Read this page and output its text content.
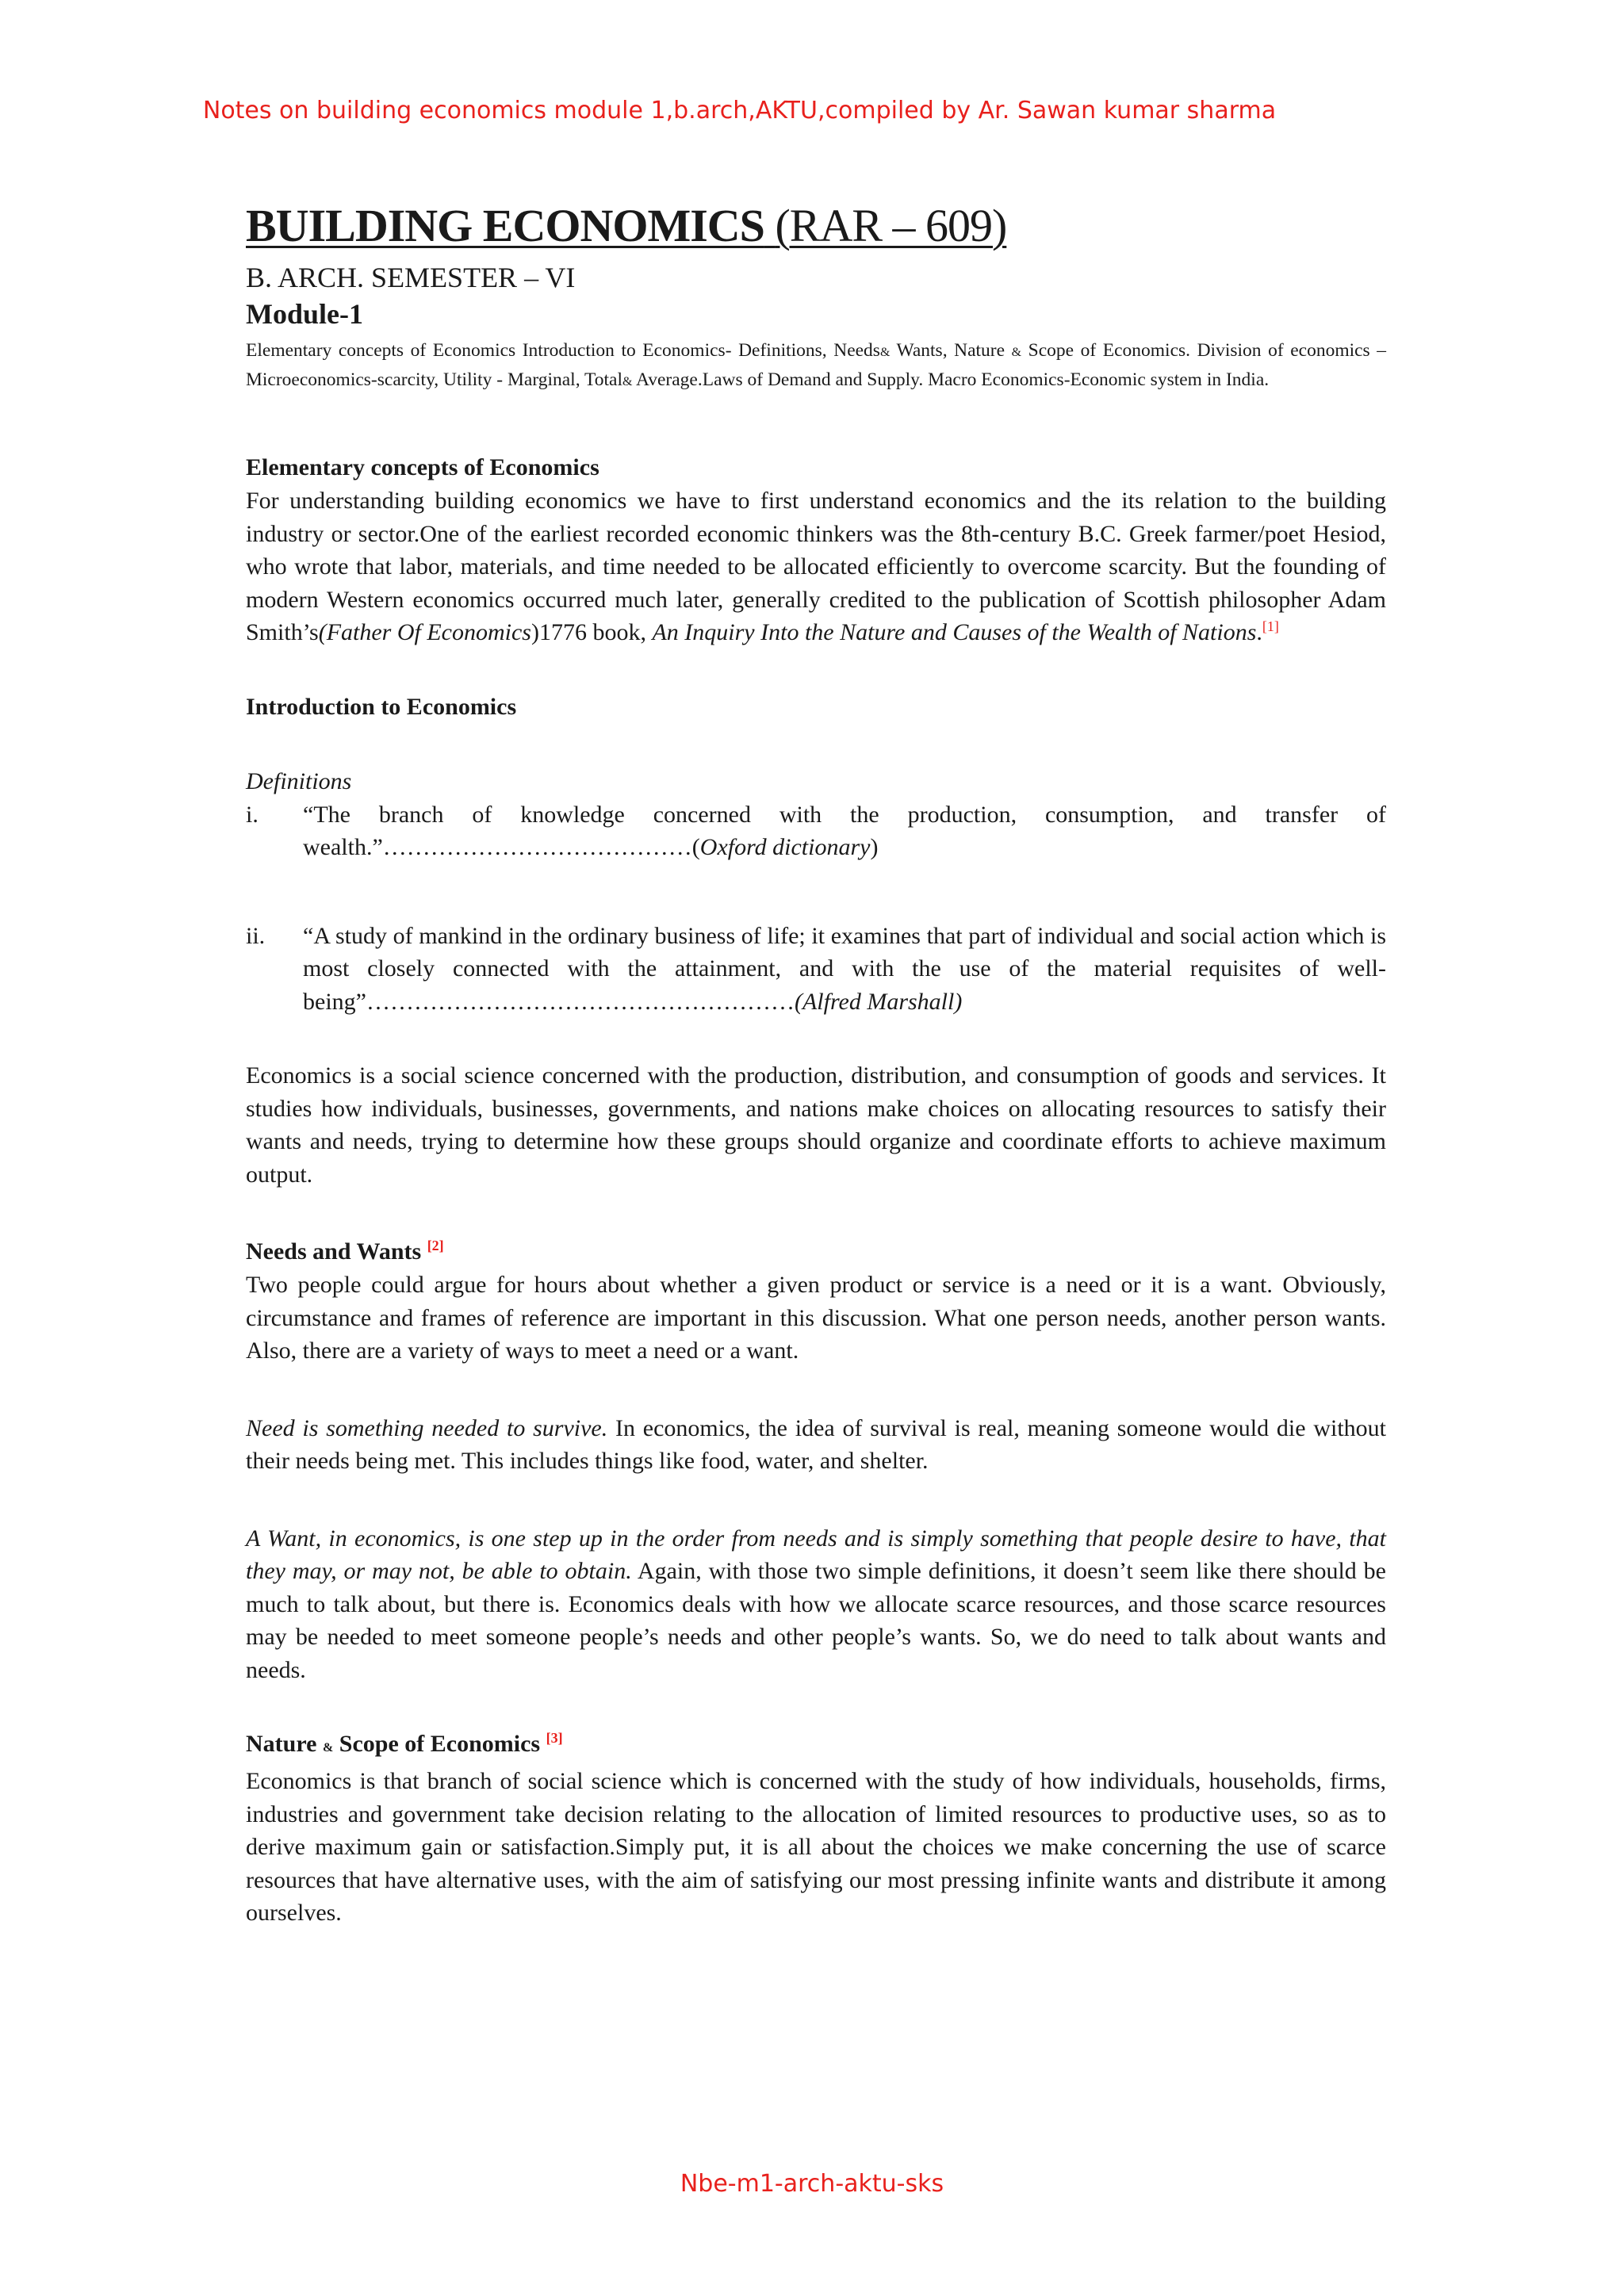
Notes on building economics module 1,b.arch,AKTU,compiled by Ar. Sawan kumar sharma
BUILDING ECONOMICS (RAR – 609)
B. ARCH. SEMESTER – VI
Module-1
Elementary concepts of Economics Introduction to Economics- Definitions, Needs& Wants, Nature & Scope of Economics. Division of economics – Microeconomics-scarcity, Utility - Marginal, Total& Average.Laws of Demand and Supply. Macro Economics-Economic system in India.
Elementary concepts of Economics

For understanding building economics we have to first understand economics and the its relation to the building industry or sector.One of the earliest recorded economic thinkers was the 8th-century B.C. Greek farmer/poet Hesiod, who wrote that labor, materials, and time needed to be allocated efficiently to overcome scarcity. But the founding of modern Western economics occurred much later, generally credited to the publication of Scottish philosopher Adam Smith’s(Father Of Economics)1776 book, An Inquiry Into the Nature and Causes of the Wealth of Nations.[1]

Introduction to Economics
Definitions
i. “The branch of knowledge concerned with the production, consumption, and transfer of wealth.”…………………………………(Oxford dictionary)

ii. “A study of mankind in the ordinary business of life; it examines that part of individual and social action which is most closely connected with the attainment, and with the use of the material requisites of well-being”………………………………………………(Alfred Marshall)

Economics is a social science concerned with the production, distribution, and consumption of goods and services. It studies how individuals, businesses, governments, and nations make choices on allocating resources to satisfy their wants and needs, trying to determine how these groups should organize and coordinate efforts to achieve maximum output.

Needs and Wants [2]

Two people could argue for hours about whether a given product or service is a need or it is a want. Obviously, circumstance and frames of reference are important in this discussion. What one person needs, another person wants. Also, there are a variety of ways to meet a need or a want.

Need is something needed to survive. In economics, the idea of survival is real, meaning someone would die without their needs being met. This includes things like food, water, and shelter.

A Want, in economics, is one step up in the order from needs and is simply something that people desire to have, that they may, or may not, be able to obtain. Again, with those two simple definitions, it doesn’t seem like there should be much to talk about, but there is. Economics deals with how we allocate scarce resources, and those scarce resources may be needed to meet someone people’s needs and other people’s wants. So, we do need to talk about wants and needs.

Nature & Scope of Economics [3]

Economics is that branch of social science which is concerned with the study of how individuals, households, firms, industries and government take decision relating to the allocation of limited resources to productive uses, so as to derive maximum gain or satisfaction.Simply put, it is all about the choices we make concerning the use of scarce resources that have alternative uses, with the aim of satisfying our most pressing infinite wants and distribute it among ourselves.

Nbe-m1-arch-aktu-sks
